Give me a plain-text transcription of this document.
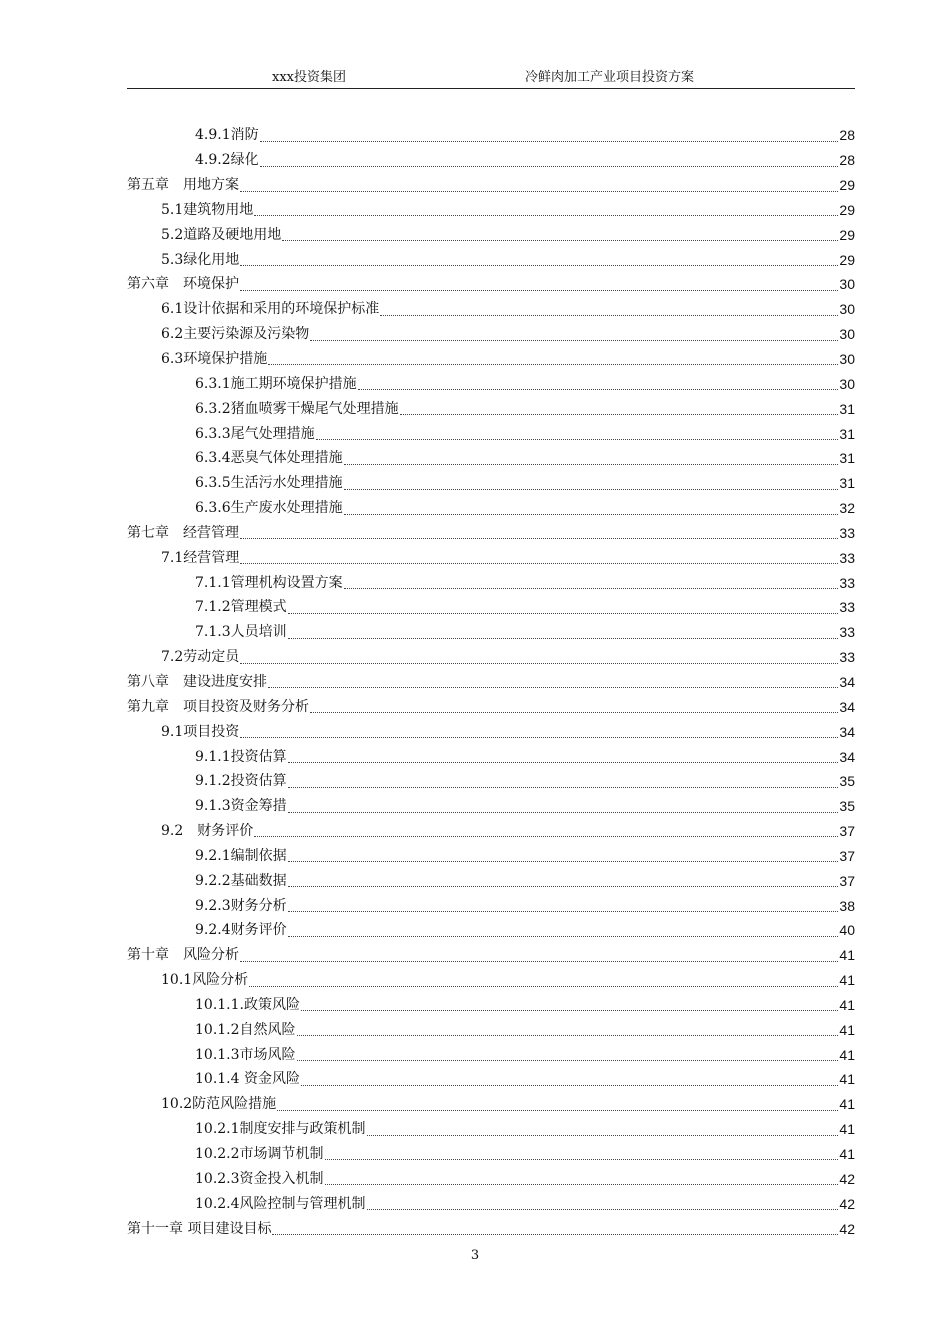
xxx投资集团	冷鲜肉加工产业项目投资方案
4.9.1消防	28
4.9.2绿化	28
第五章　用地方案	29
5.1建筑物用地	29
5.2道路及硬地用地	29
5.3绿化用地	29
第六章　环境保护	30
6.1设计依据和采用的环境保护标准	30
6.2主要污染源及污染物	30
6.3环境保护措施	30
6.3.1施工期环境保护措施	30
6.3.2猪血喷雾干燥尾气处理措施	31
6.3.3尾气处理措施	31
6.3.4恶臭气体处理措施	31
6.3.5生活污水处理措施	31
6.3.6生产废水处理措施	32
第七章　经营管理	33
7.1经营管理	33
7.1.1管理机构设置方案	33
7.1.2管理模式	33
7.1.3人员培训	33
7.2劳动定员	33
第八章　建设进度安排	34
第九章　项目投资及财务分析	34
9.1项目投资	34
9.1.1投资估算	34
9.1.2投资估算	35
9.1.3资金筹措	35
9.2　财务评价	37
9.2.1编制依据	37
9.2.2基础数据	37
9.2.3财务分析	38
9.2.4财务评价	40
第十章　风险分析	41
10.1风险分析	41
10.1.1.政策风险	41
10.1.2自然风险	41
10.1.3市场风险	41
10.1.4 资金风险	41
10.2防范风险措施	41
10.2.1制度安排与政策机制	41
10.2.2市场调节机制	41
10.2.3资金投入机制	42
10.2.4风险控制与管理机制	42
第十一章 项目建设目标	42
3
